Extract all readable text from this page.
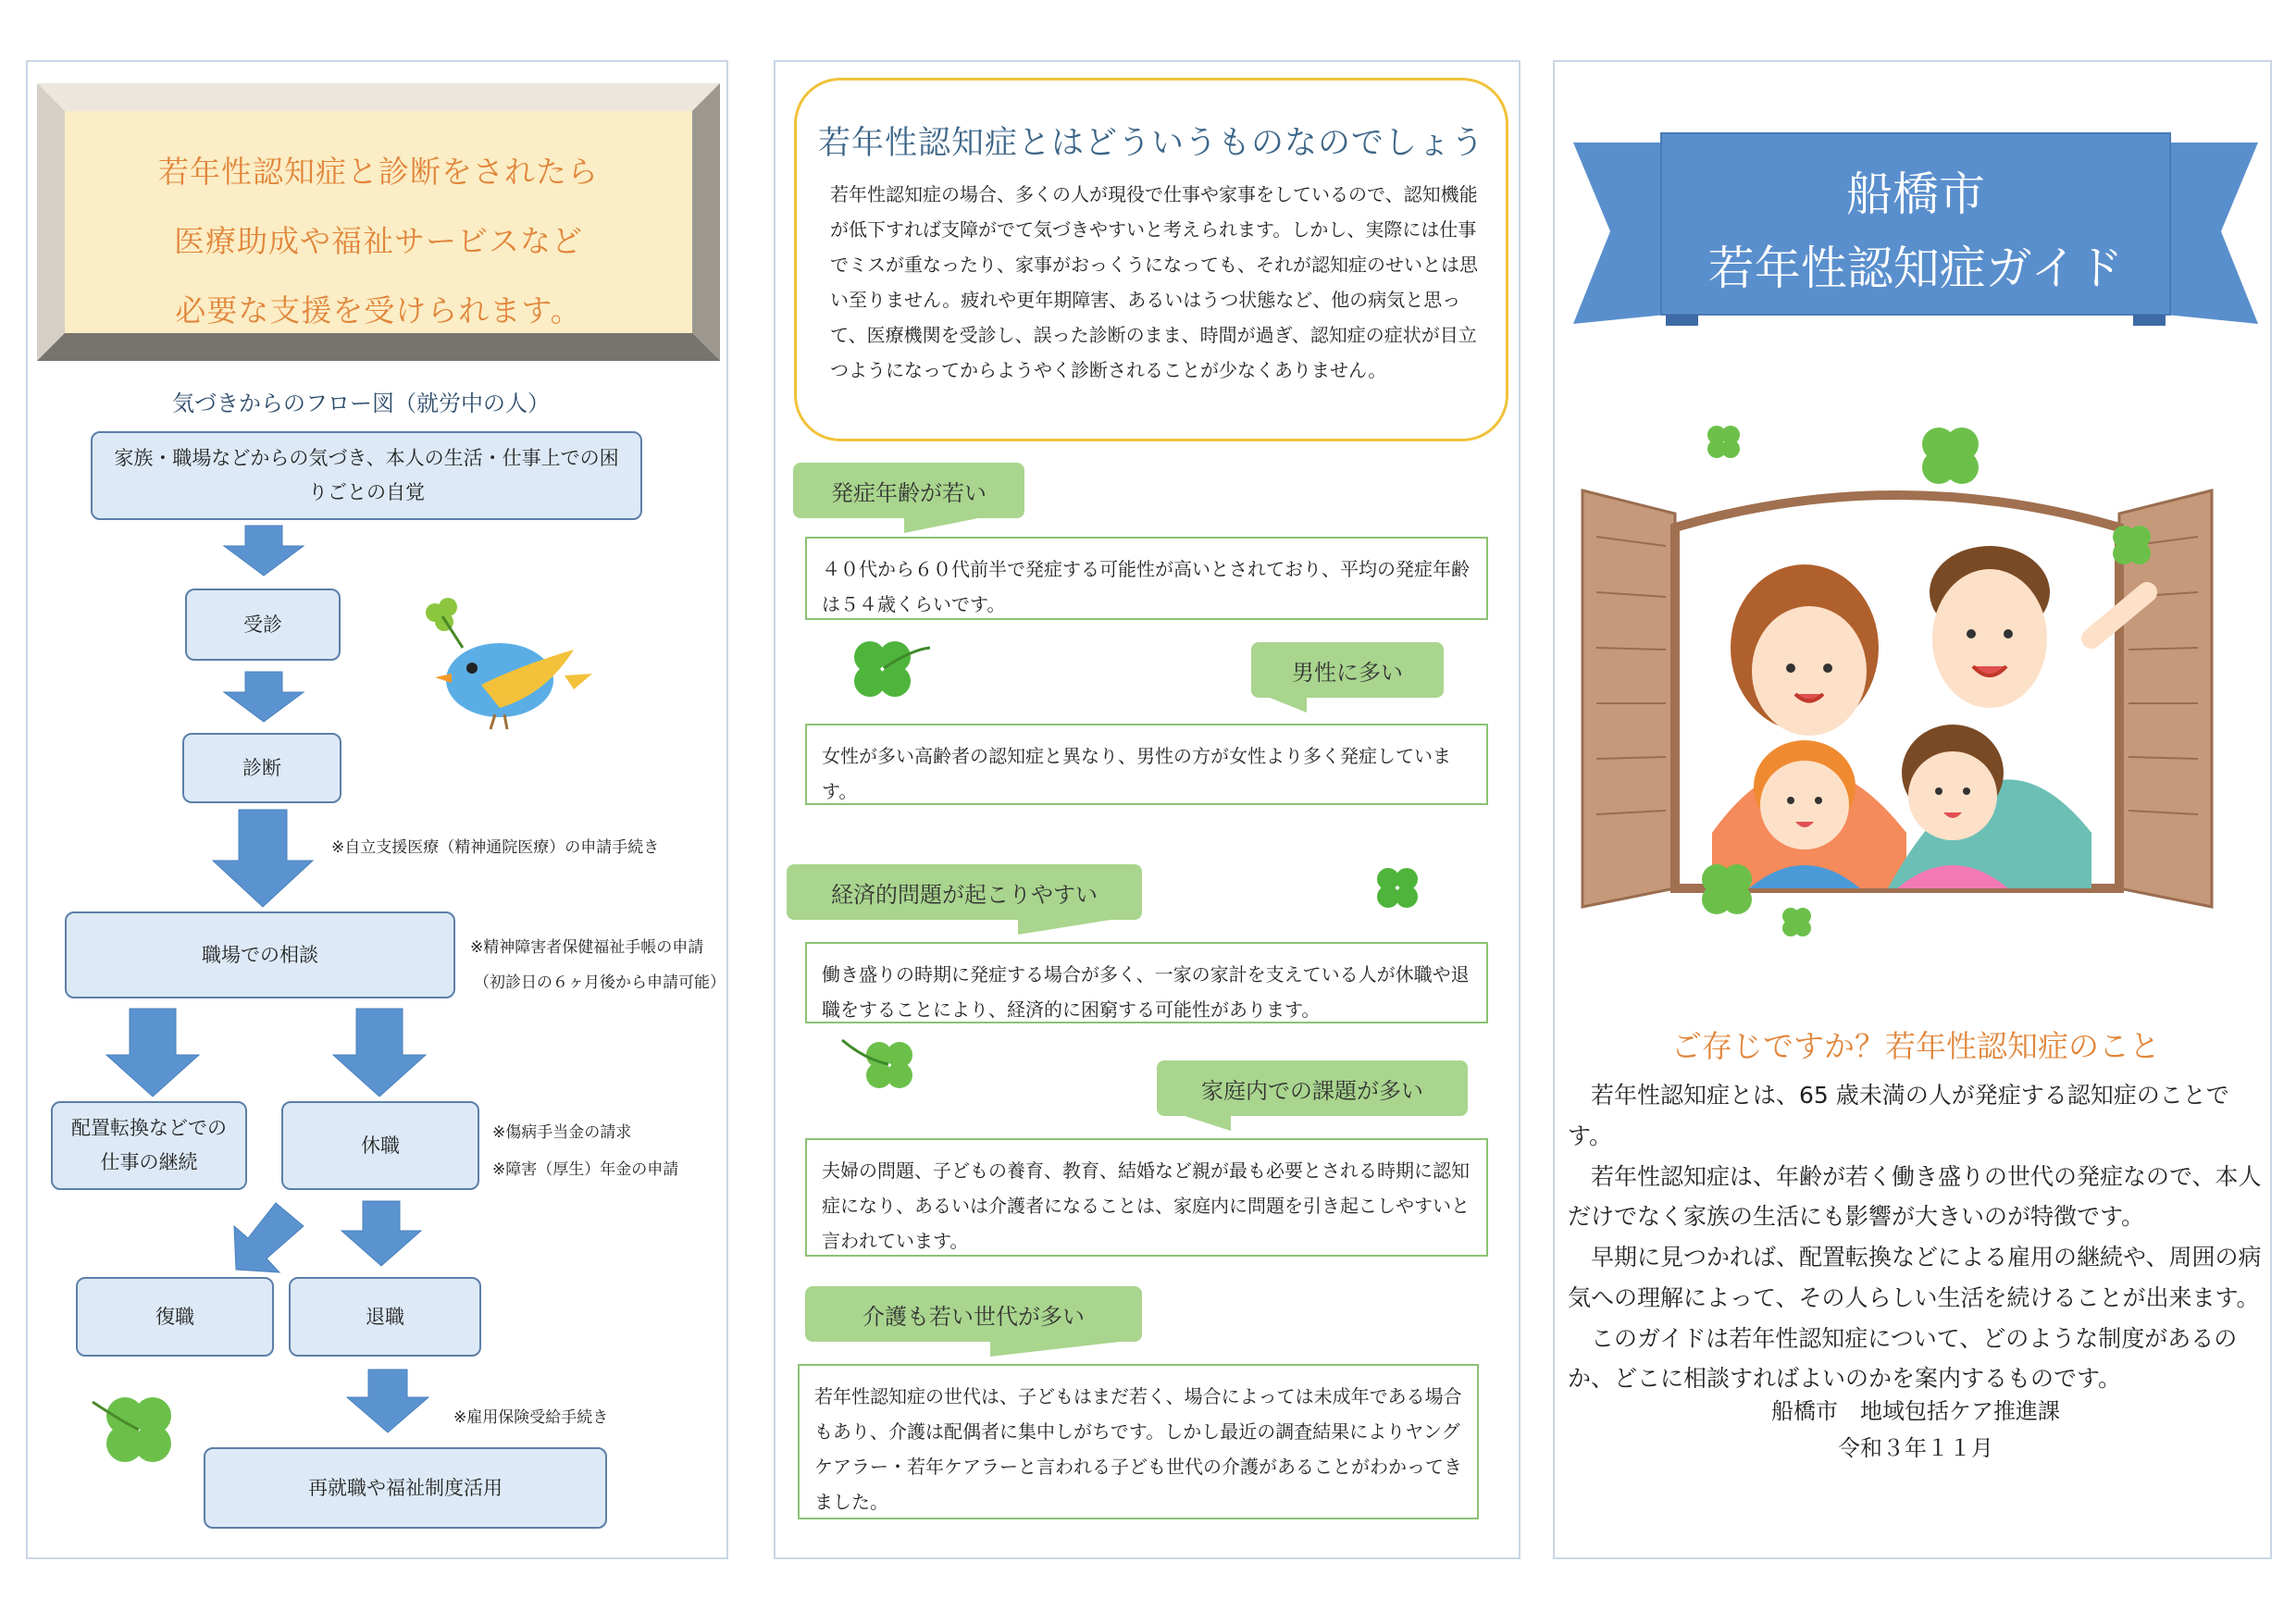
若年性認知症と診断をされたら
医療助成や福祉サービスなど
必要な支援を受けられます。
気づきからのフロー図（就労中の人）
家族・職場などからの気づき、本人の生活・仕事上での困りごとの自覚
受診
診断
職場での相談
配置転換などでの仕事の継続
休職
復職	退職
再就職や福祉制度活用
※自立支援医療（精神通院医療）の申請手続き
※精神障害者保健福祉手帳の申請
（初診日の６ヶ月後から申請可能）
※傷病手当金の請求
※障害（厚生）年金の申請
※雇用保険受給手続き
若年性認知症とはどういうものなのでしょう
若年性認知症の場合、多くの人が現役で仕事や家事をしているので、認知機能が低下すれば支障がでて気づきやすいと考えられます。しかし、実際には仕事でミスが重なったり、家事がおっくうになっても、それが認知症のせいとは思い至りません。疲れや更年期障害、あるいはうつ状態など、他の病気と思って、医療機関を受診し、誤った診断のまま、時間が過ぎ、認知症の症状が目立つようになってからようやく診断されることが少なくありません。
発症年齢が若い
４０代から６０代前半で発症する可能性が高いとされており、平均の発症年齢は５４歳くらいです。
男性に多い
女性が多い高齢者の認知症と異なり、男性の方が女性より多く発症しています。
経済的問題が起こりやすい
働き盛りの時期に発症する場合が多く、一家の家計を支えている人が休職や退職をすることにより、経済的に困窮する可能性があります。
家庭内での課題が多い
夫婦の問題、子どもの養育、教育、結婚など親が最も必要とされる時期に認知症になり、あるいは介護者になることは、家庭内に問題を引き起こしやすいと言われています。
介護も若い世代が多い
若年性認知症の世代は、子どもはまだ若く、場合によっては未成年である場合もあり、介護は配偶者に集中しがちです。しかし最近の調査結果によりヤングケアラー・若年ケアラーと言われる子ども世代の介護があることがわかってきました。
船橋市
若年性認知症ガイド
ご存じですか？若年性認知症のこと

若年性認知症とは、65 歳未満の人が発症する認知症のことです。

若年性認知症は、年齢が若く働き盛りの世代の発症なので、本人だけでなく家族の生活にも影響が大きいのが特徴です。

早期に見つかれば、配置転換などによる雇用の継続や、周囲の病気への理解によって、その人らしい生活を続けることが出来ます。

このガイドは若年性認知症について、どのような制度があるのか、どこに相談すればよいのかを案内するものです。

船橋市　地域包括ケア推進課
令和３年１１月
